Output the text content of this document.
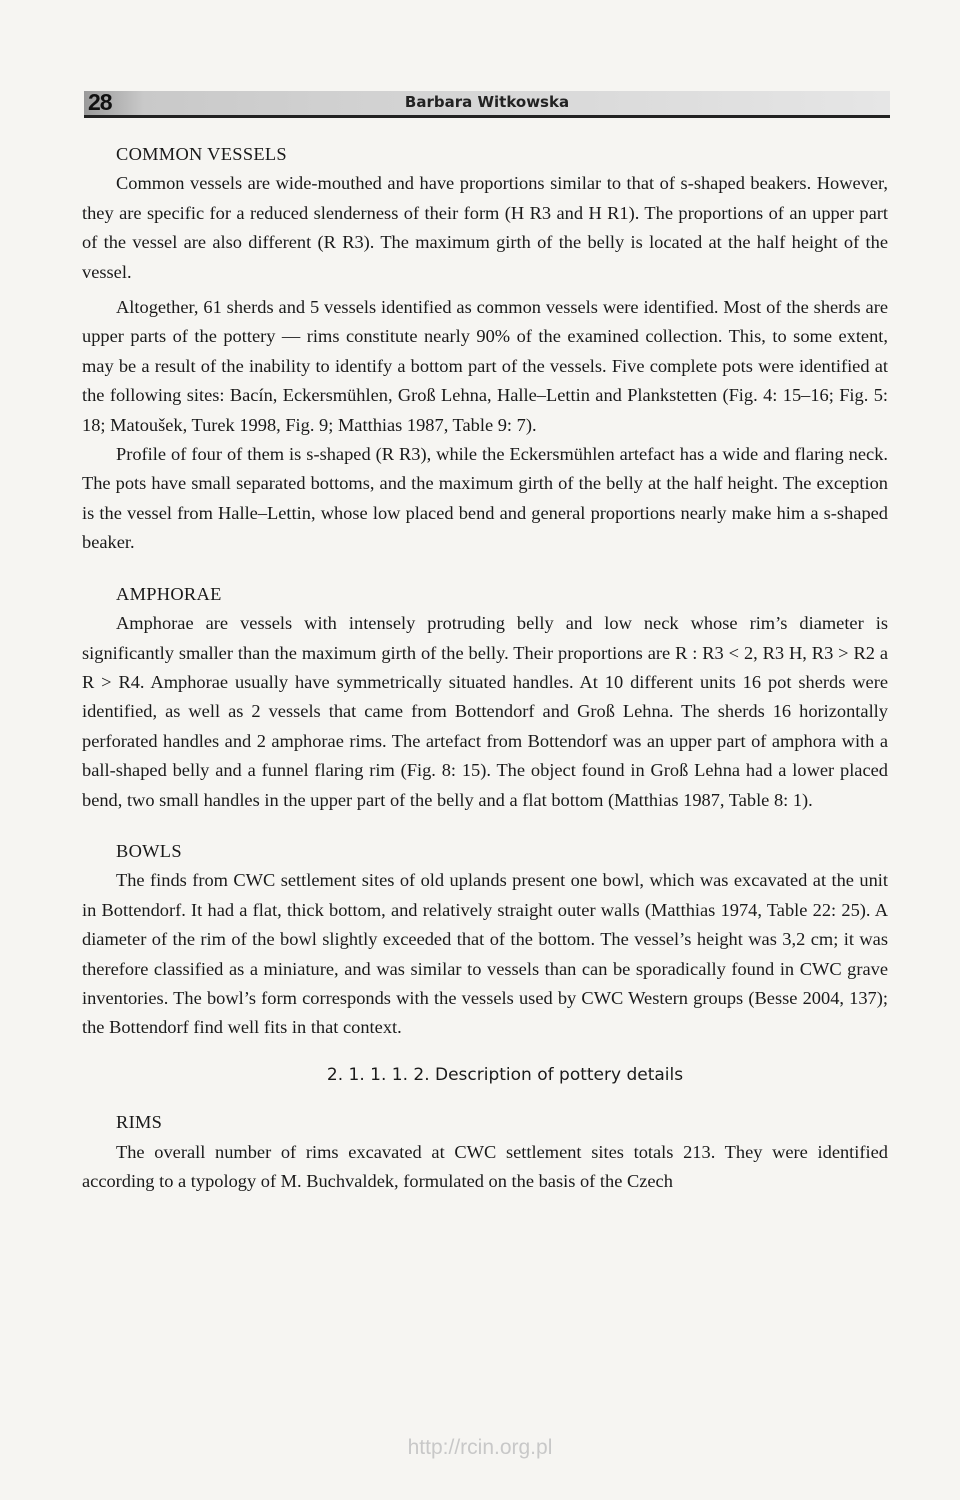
28	Barbara Witkowska
COMMON VESSELS

Common vessels are wide-mouthed and have proportions similar to that of s-shaped beakers. However, they are specific for a reduced slenderness of their form (H R3 and H R1). The proportions of an upper part of the vessel are also different (R R3). The maximum girth of the belly is located at the half height of the vessel.

Altogether, 61 sherds and 5 vessels identified as common vessels were identified. Most of the sherds are upper parts of the pottery — rims constitute nearly 90% of the examined collection. This, to some extent, may be a result of the inability to identify a bottom part of the vessels. Five complete pots were identified at the following sites: Bacín, Eckersmühlen, Groß Lehna, Halle–Lettin and Plankstetten (Fig. 4: 15–16; Fig. 5: 18; Matoušek, Turek 1998, Fig. 9; Matthias 1987, Table 9: 7).

Profile of four of them is s-shaped (R R3), while the Eckersmühlen artefact has a wide and flaring neck. The pots have small separated bottoms, and the maximum girth of the belly at the half height. The exception is the vessel from Halle–Lettin, whose low placed bend and general proportions nearly make him a s-shaped beaker.

AMPHORAE

Amphorae are vessels with intensely protruding belly and low neck whose rim’s diameter is significantly smaller than the maximum girth of the belly. Their proportions are R : R3 < 2, R3 H, R3 > R2 a R > R4. Amphorae usually have symmetrically situated handles. At 10 different units 16 pot sherds were identified, as well as 2 vessels that came from Bottendorf and Groß Lehna. The sherds 16 horizontally perforated handles and 2 amphorae rims. The artefact from Bottendorf was an upper part of amphora with a ball-shaped belly and a funnel flaring rim (Fig. 8: 15). The object found in Groß Lehna had a lower placed bend, two small handles in the upper part of the belly and a flat bottom (Matthias 1987, Table 8: 1).

BOWLS

The finds from CWC settlement sites of old uplands present one bowl, which was excavated at the unit in Bottendorf. It had a flat, thick bottom, and relatively straight outer walls (Matthias 1974, Table 22: 25). A diameter of the rim of the bowl slightly exceeded that of the bottom. The vessel’s height was 3,2 cm; it was therefore classified as a miniature, and was similar to vessels than can be sporadically found in CWC grave inventories. The bowl’s form corresponds with the vessels used by CWC Western groups (Besse 2004, 137); the Bottendorf find well fits in that context.

2. 1. 1. 1. 2. Description of pottery details
RIMS

The overall number of rims excavated at CWC settlement sites totals 213. They were identified according to a typology of M. Buchvaldek, formulated on the basis of the Czech

http://rcin.org.pl
